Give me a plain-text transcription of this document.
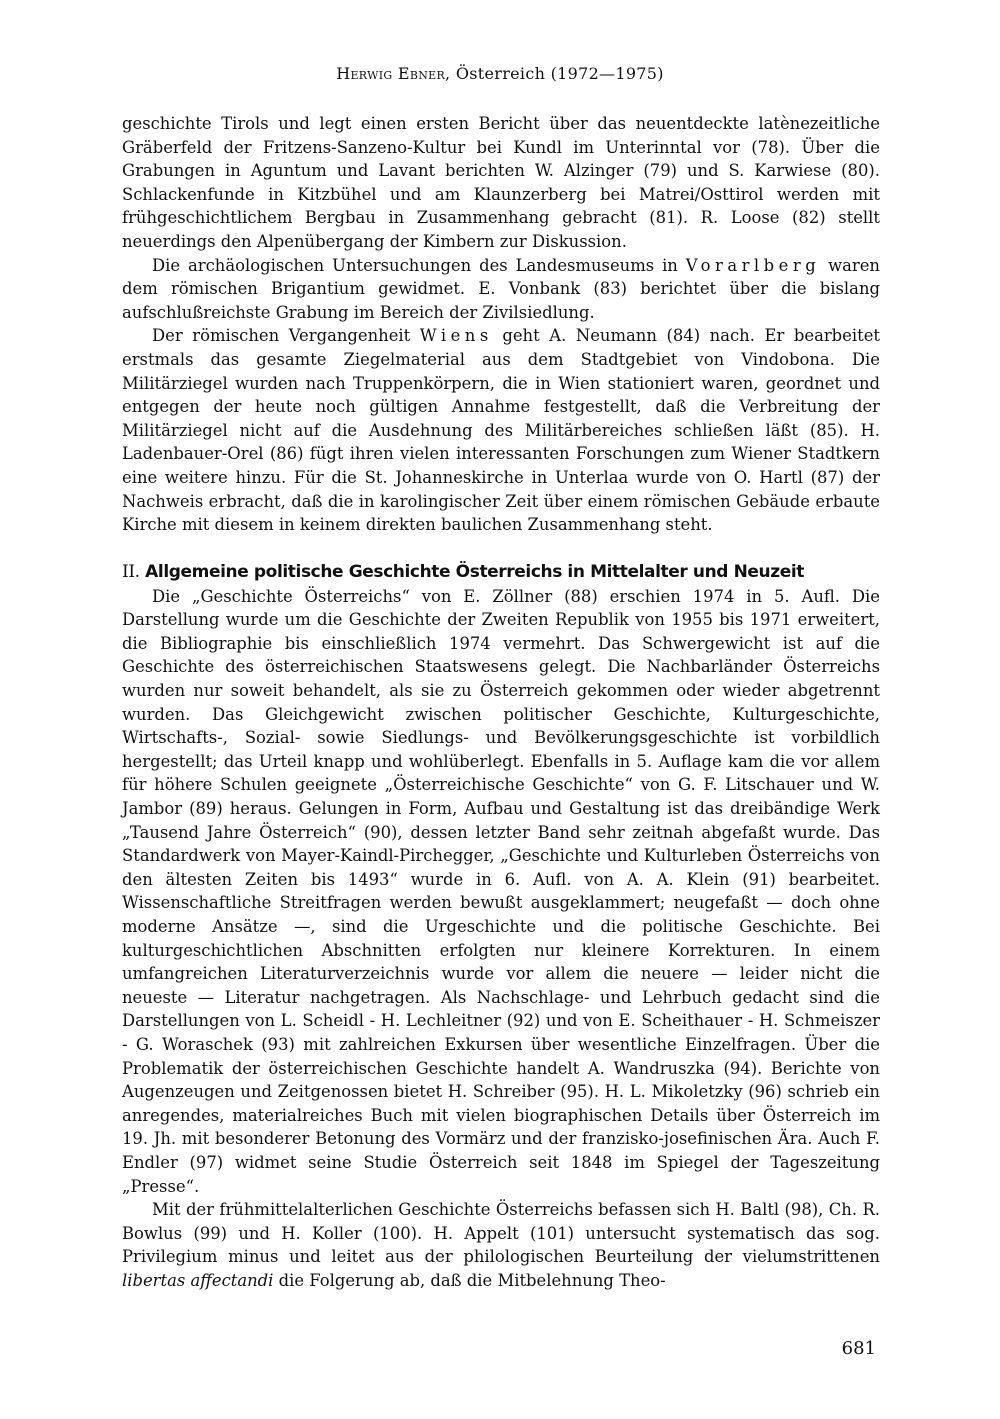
Herwig Ebner, Österreich (1972—1975)

geschichte Tirols und legt einen ersten Bericht über das neuentdeckte latènezeitliche Gräberfeld der Fritzens-Sanzeno-Kultur bei Kundl im Unterinntal vor (78). Über die Grabungen in Aguntum und Lavant berichten W. Alzinger (79) und S. Karwiese (80). Schlackenfunde in Kitzbühel und am Klaunzerberg bei Matrei/Osttirol werden mit frühgeschichtlichem Bergbau in Zusammenhang gebracht (81). R. Loose (82) stellt neuerdings den Alpenübergang der Kimbern zur Diskussion.

Die archäologischen Untersuchungen des Landesmuseums in Vorarlberg waren dem römischen Brigantium gewidmet. E. Vonbank (83) berichtet über die bislang aufschlußreichste Grabung im Bereich der Zivilsiedlung.

Der römischen Vergangenheit Wiens geht A. Neumann (84) nach. Er bearbeitet erstmals das gesamte Ziegelmaterial aus dem Stadtgebiet von Vindobona. Die Militärziegel wurden nach Truppenkörpern, die in Wien stationiert waren, geordnet und entgegen der heute noch gültigen Annahme festgestellt, daß die Verbreitung der Militärziegel nicht auf die Ausdehnung des Militärbereiches schließen läßt (85). H. Ladenbauer-Orel (86) fügt ihren vielen interessanten Forschungen zum Wiener Stadtkern eine weitere hinzu. Für die St. Johanneskirche in Unterlaa wurde von O. Hartl (87) der Nachweis erbracht, daß die in karolingischer Zeit über einem römischen Gebäude erbaute Kirche mit diesem in keinem direkten baulichen Zusammenhang steht.

II. Allgemeine politische Geschichte Österreichs in Mittelalter und Neuzeit

Die „Geschichte Österreichs“ von E. Zöllner (88) erschien 1974 in 5. Aufl. Die Darstellung wurde um die Geschichte der Zweiten Republik von 1955 bis 1971 erweitert, die Bibliographie bis einschließlich 1974 vermehrt. Das Schwergewicht ist auf die Geschichte des österreichischen Staatswesens gelegt. Die Nachbarländer Österreichs wurden nur soweit behandelt, als sie zu Österreich gekommen oder wieder abgetrennt wurden. Das Gleichgewicht zwischen politischer Geschichte, Kulturgeschichte, Wirtschafts-, Sozial- sowie Siedlungs- und Bevölkerungsgeschichte ist vorbildlich hergestellt; das Urteil knapp und wohlüberlegt. Ebenfalls in 5. Auflage kam die vor allem für höhere Schulen geeignete „Österreichische Geschichte“ von G. F. Litschauer und W. Jambor (89) heraus. Gelungen in Form, Aufbau und Gestaltung ist das dreibändige Werk „Tausend Jahre Österreich“ (90), dessen letzter Band sehr zeitnah abgefaßt wurde. Das Standardwerk von Mayer-Kaindl-Pirchegger, „Geschichte und Kulturleben Österreichs von den ältesten Zeiten bis 1493“ wurde in 6. Aufl. von A. A. Klein (91) bearbeitet. Wissenschaftliche Streitfragen werden bewußt ausgeklammert; neugefaßt — doch ohne moderne Ansätze —, sind die Urgeschichte und die politische Geschichte. Bei kulturgeschichtlichen Abschnitten erfolgten nur kleinere Korrekturen. In einem umfangreichen Literaturverzeichnis wurde vor allem die neuere — leider nicht die neueste — Literatur nachgetragen. Als Nachschlage- und Lehrbuch gedacht sind die Darstellungen von L. Scheidl - H. Lechleitner (92) und von E. Scheithauer - H. Schmeiszer - G. Woraschek (93) mit zahlreichen Exkursen über wesentliche Einzelfragen. Über die Problematik der österreichischen Geschichte handelt A. Wandruszka (94). Berichte von Augenzeugen und Zeitgenossen bietet H. Schreiber (95). H. L. Mikoletzky (96) schrieb ein anregendes, materialreiches Buch mit vielen biographischen Details über Österreich im 19. Jh. mit besonderer Betonung des Vormärz und der franzisko-josefinischen Ära. Auch F. Endler (97) widmet seine Studie Österreich seit 1848 im Spiegel der Tageszeitung „Presse“.

Mit der frühmittelalterlichen Geschichte Österreichs befassen sich H. Baltl (98), Ch. R. Bowlus (99) und H. Koller (100). H. Appelt (101) untersucht systematisch das sog. Privilegium minus und leitet aus der philologischen Beurteilung der vielumstrittenen libertas affectandi die Folgerung ab, daß die Mitbelehnung Theo-

681
